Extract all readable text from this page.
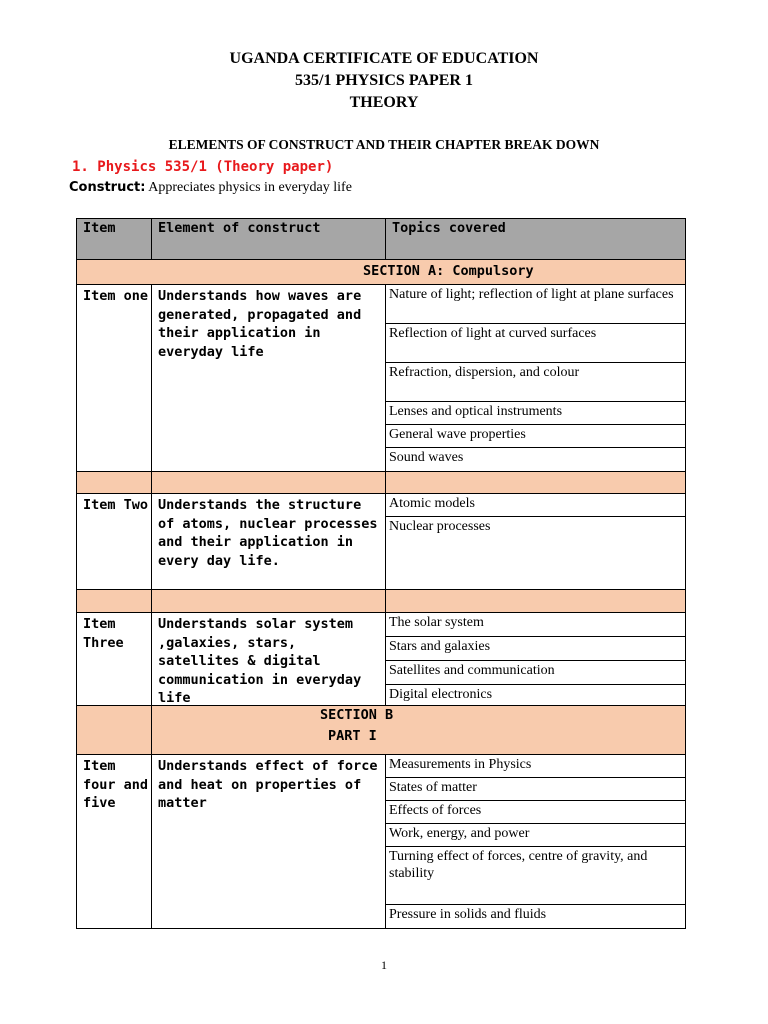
UGANDA CERTIFICATE OF EDUCATION
535/1 PHYSICS PAPER 1
THEORY
ELEMENTS OF CONSTRUCT AND THEIR CHAPTER BREAK DOWN
1. Physics 535/1 (Theory paper)
Construct: Appreciates physics in everyday life
Item	Element of construct	Topics covered
SECTION A: Compulsory
Item one Understands how waves are generated, propagated and their application in everyday life
Nature of light; reflection of light at plane surfaces
Reflection of light at curved surfaces
Refraction, dispersion, and colour
Lenses and optical instruments
General wave properties
Sound waves
Item Two Understands the structure of atoms, nuclear processes and their application in every day life.
Atomic models
Nuclear processes
Item Three
Understands solar system ,galaxies, stars, satellites & digital communication in everyday life
The solar system
Stars and galaxies
Satellites and communication
Digital electronics
SECTION B
PART I
Item four and five
Understands effect of force and heat on properties of matter
Measurements in Physics
States of matter
Effects of forces
Work, energy, and power
Turning effect of forces, centre of gravity, and stability
Pressure in solids and fluids
1
